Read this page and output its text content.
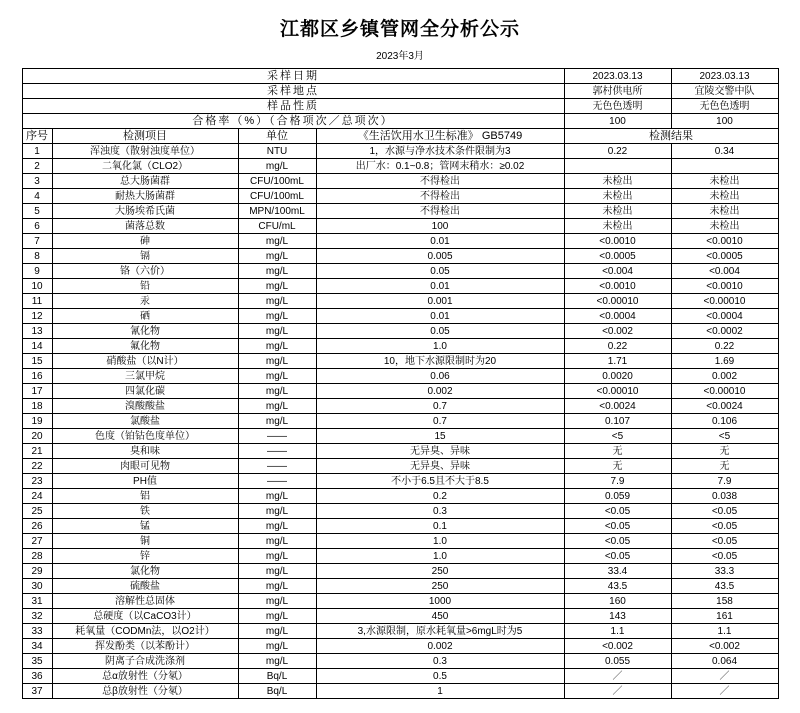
江都区乡镇管网全分析公示
2023年3月
采样日期				2023.03.13	2023.03.13
采样地点				郭村供电所	宜陵交警中队
样品性质				无色色透明	无色色透明
合格率（%）（合格项次／总项次）				100	100
序号	检测项目	单位	《生活饮用水卫生标准》 GB5749	检测结果	
1	浑浊度（散射浊度单位）	NTU	1，水源与净水技术条件限制为3	0.22	0.34
2	二氧化氯（CLO2）	mg/L	出厂水：0.1~0.8；管网末稍水：≥0.02		
3	总大肠菌群	CFU/100mL	不得检出	未检出	未检出
4	耐热大肠菌群	CFU/100mL	不得检出	未检出	未检出
5	大肠埃希氏菌	MPN/100mL	不得检出	未检出	未检出
6	菌落总数	CFU/mL	100	未检出	未检出
7	砷	mg/L	0.01	<0.0010	<0.0010
8	镉	mg/L	0.005	<0.0005	<0.0005
9	铬（六价）	mg/L	0.05	<0.004	<0.004
10	铅	mg/L	0.01	<0.0010	<0.0010
11	汞	mg/L	0.001	<0.00010	<0.00010
12	硒	mg/L	0.01	<0.0004	<0.0004
13	氰化物	mg/L	0.05	<0.002	<0.0002
14	氟化物	mg/L	1.0	0.22	0.22
15	硝酸盐（以N计）	mg/L	10，地下水源限制时为20	1.71	1.69
16	三氯甲烷	mg/L	0.06	0.0020	0.002
17	四氯化碳	mg/L	0.002	<0.00010	<0.00010
18	溴酸酸盐	mg/L	0.7	<0.0024	<0.0024
19	氯酸盐	mg/L	0.7	0.107	0.106
20	色度（铂钴色度单位）	——	15	<5	<5
21	臭和味	——	无异臭、异味	无	无
22	肉眼可见物	——	无异臭、异味	无	无
23	PH值	——	不小于6.5且不大于8.5	7.9	7.9
24	铝	mg/L	0.2	0.059	0.038
25	铁	mg/L	0.3	<0.05	<0.05
26	锰	mg/L	0.1	<0.05	<0.05
27	铜	mg/L	1.0	<0.05	<0.05
28	锌	mg/L	1.0	<0.05	<0.05
29	氯化物	mg/L	250	33.4	33.3
30	硫酸盐	mg/L	250	43.5	43.5
31	溶解性总固体	mg/L	1000	160	158
32	总硬度（以CaCO3计）	mg/L	450	143	161
33	耗氧量（CODMn法，以O2计）	mg/L	3,水源限制，原水耗氧量>6mgL时为5	1.1	1.1
34	挥发酚类（以苯酚计）	mg/L	0.002	<0.002	<0.002
35	阴离子合成洗涤剂	mg/L	0.3	0.055	0.064
36	总α放射性（分氡）	Bq/L	0.5	／	／
37	总β放射性（分氡）	Bq/L	1	／	／
